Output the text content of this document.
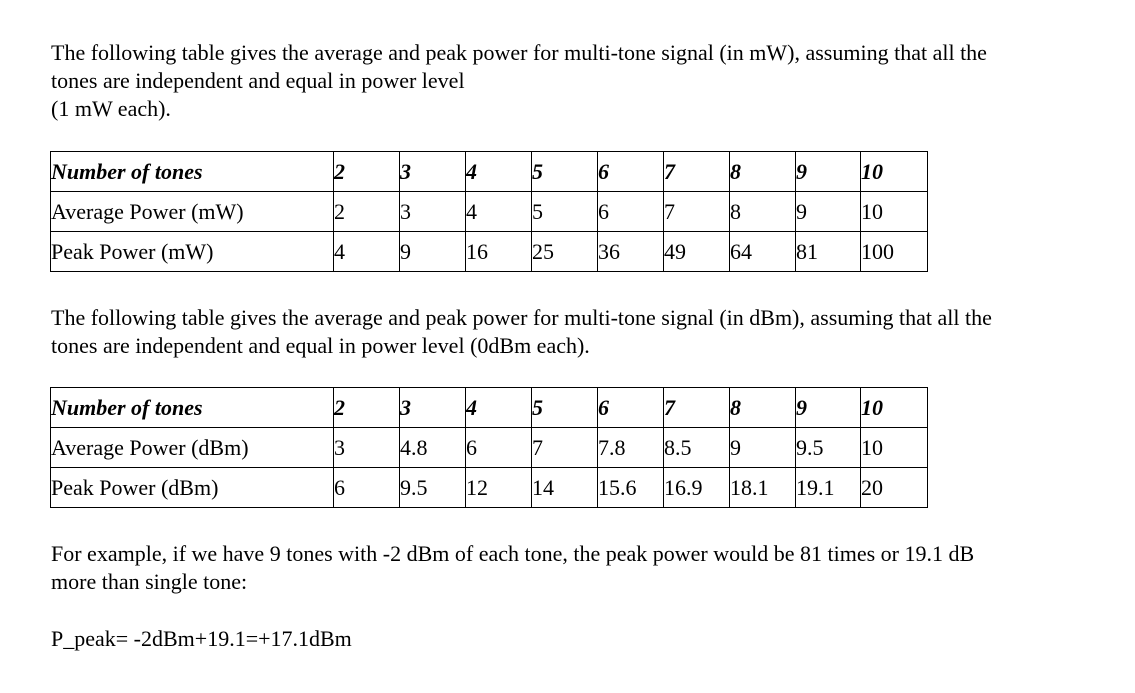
The following table gives the average and peak power for multi-tone signal (in mW), assuming that all the
tones are independent and equal in power level
(1 mW each).

Number of tones	2	3	4	5	6	7	8	9	10
Average Power (mW)	2	3	4	5	6	7	8	9	10
Peak Power (mW)	4	9	16	25	36	49	64	81	100

The following table gives the average and peak power for multi-tone signal (in dBm), assuming that all the
tones are independent and equal in power level (0dBm each).

Number of tones	2	3	4	5	6	7	8	9	10
Average Power (dBm)	3	4.8	6	7	7.8	8.5	9	9.5	10
Peak Power (dBm)	6	9.5	12	14	15.6	16.9	18.1	19.1	20

For example, if we have 9 tones with -2 dBm of each tone, the peak power would be 81 times or 19.1 dB
more than single tone:

P_peak= -2dBm+19.1=+17.1dBm
